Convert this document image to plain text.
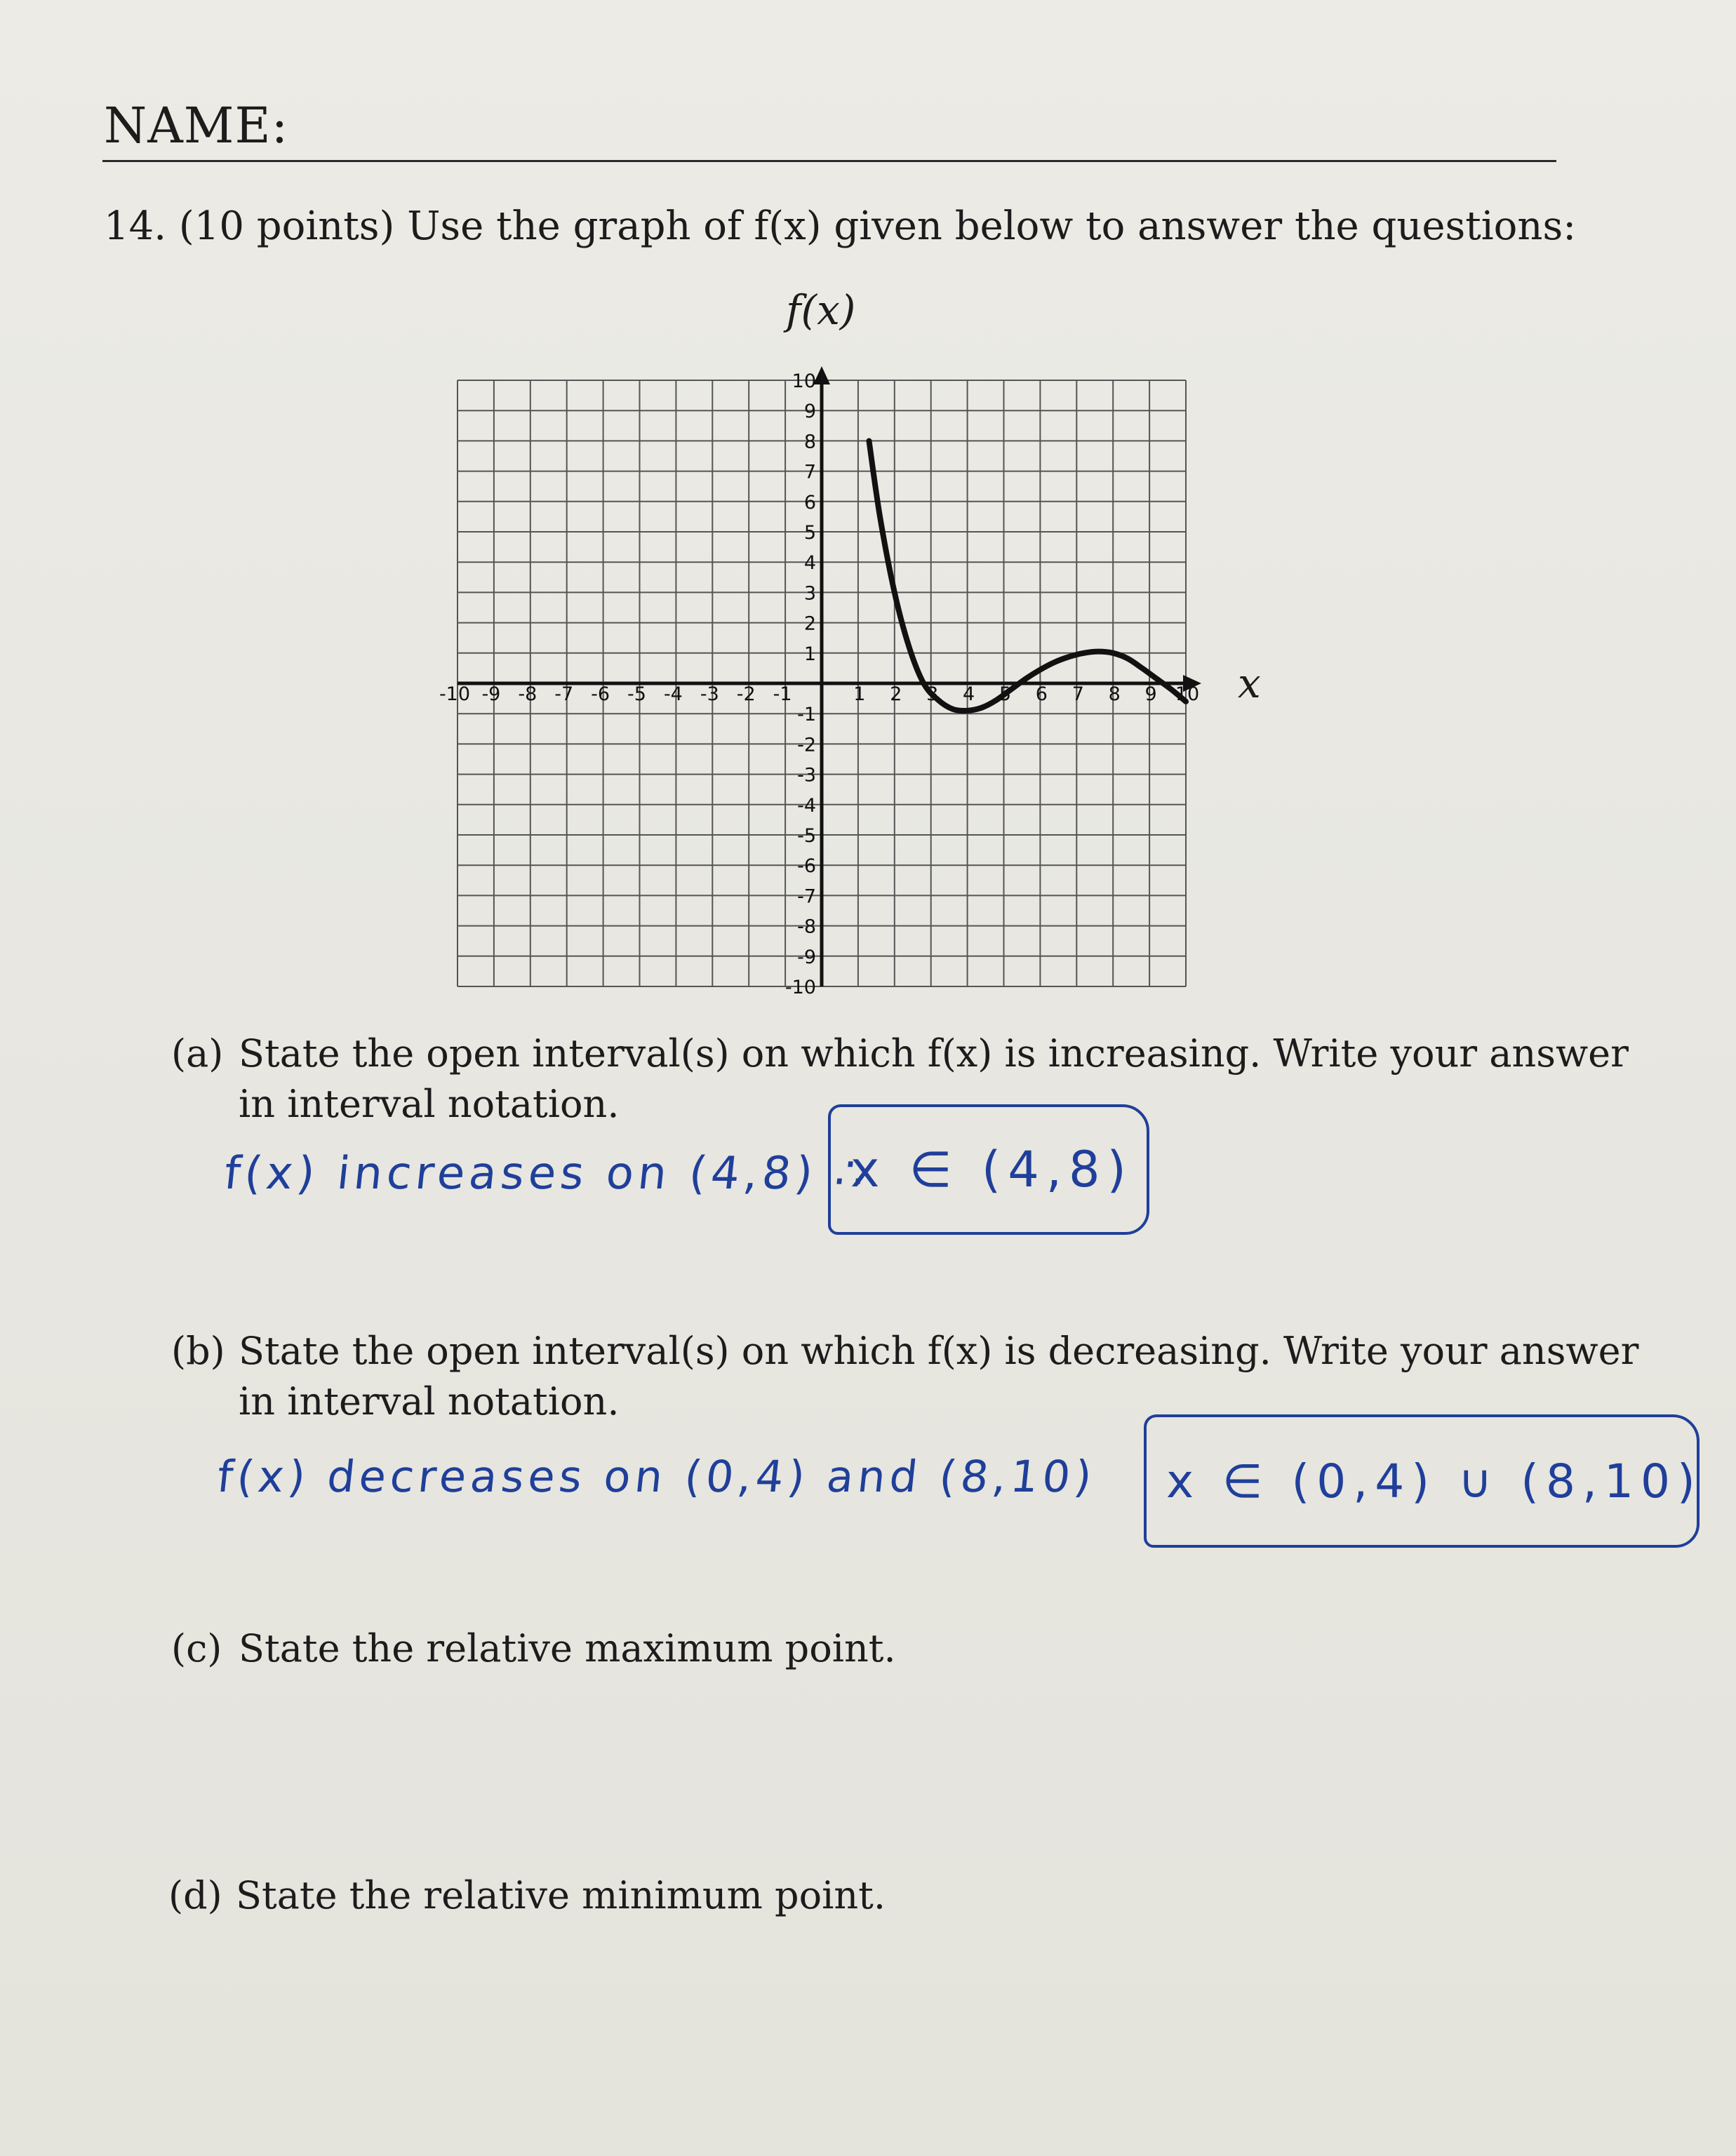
NAME:
14. (10 points) Use the graph of f(x) given below to answer the questions:
f(x)
-10 -9 -8 -7 -6 -5 -4 -3 -2 -1	1 2 3 4 5 6 7 8 9 10
10
9
8
7
6
5
4
3
2
1
-1
-2
-3
-4
-5
-6
-7
-8
-9
-10
x
(a) State the open interval(s) on which f(x) is increasing. Write your answer
in interval notation.
f(x) increases on (4,8) ∴
x ∈ (4,8)
(b) State the open interval(s) on which f(x) is decreasing. Write your answer
in interval notation.
f(x) decreases on (0,4) and (8,10)	x ∈ (0,4) ∪ (8,10)
(c) State the relative maximum point.
(d) State the relative minimum point.
